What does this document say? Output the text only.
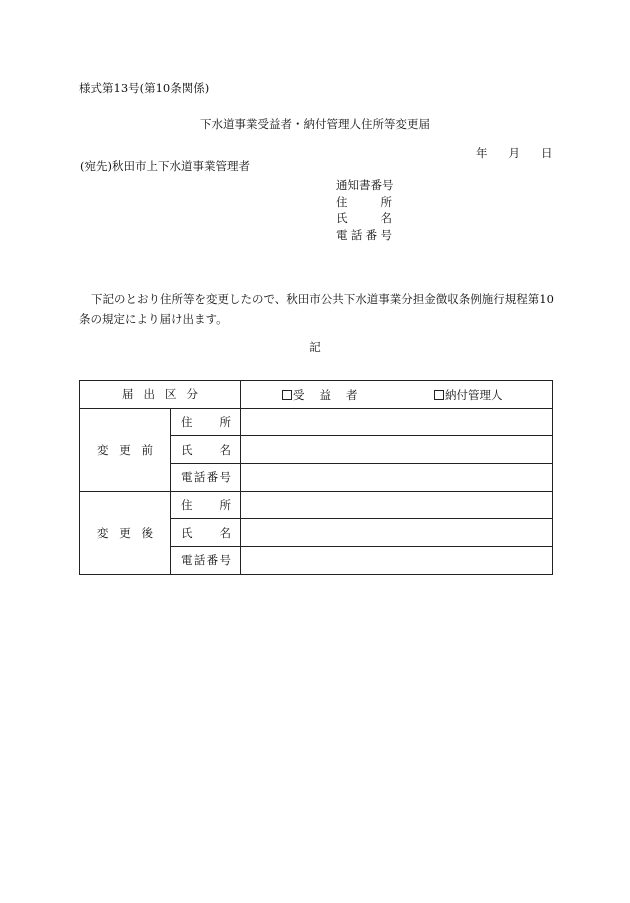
様式第13号(第10条関係)
下水道事業受益者・納付管理人住所等変更届
年 月 日
(宛先)秋田市上下水道事業管理者
通 知 書 番 号
住	所
氏	名
電 話 番 号
下記のとおり住所等を変更したので、秋田市公共下水道事業分担金徴収条例施行規程第10条の規定により届け出ます。
記
届 出 区 分		受 益 者 納付管理人

変 更 前	住 所	

	氏 名	

	電 話 番 号	

変 更 後	住 所	

	氏 名	

	電 話 番 号	
